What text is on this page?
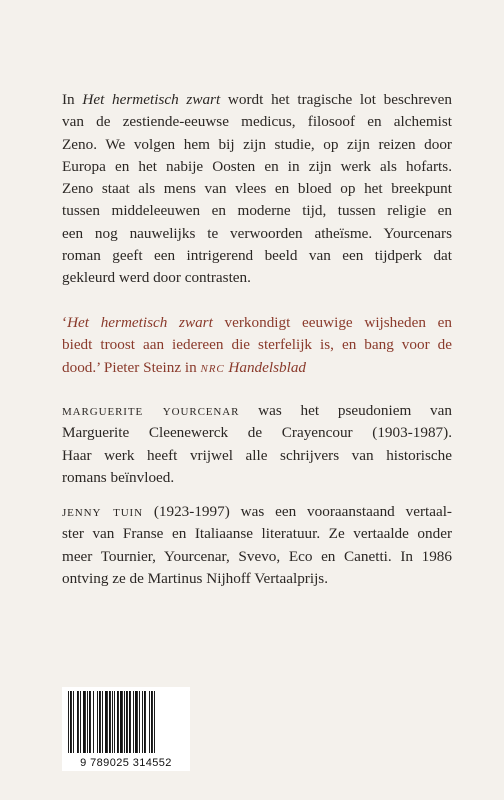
In Het hermetisch zwart wordt het tragische lot beschreven
van de zestiende-eeuwse medicus, filosoof en alchemist
Zeno. We volgen hem bij zijn studie, op zijn reizen door
Europa en het nabije Oosten en in zijn werk als hofarts.
Zeno staat als mens van vlees en bloed op het breekpunt
tussen middeleeuwen en moderne tijd, tussen religie en
een nog nauwelijks te verwoorden atheïsme. Yourcenars
roman geeft een intrigerend beeld van een tijdperk dat
gekleurd werd door contrasten.
‘Het hermetisch zwart verkondigt eeuwige wijsheden en
biedt troost aan iedereen die sterfelijk is, en bang voor de
dood.’ Pieter Steinz in nrc Handelsblad
marguerite yourcenar was het pseudoniem van
Marguerite Cleenewerck de Crayencour (1903-1987).
Haar werk heeft vrijwel alle schrijvers van historische
romans beïnvloed.
jenny tuin (1923-1997) was een vooraanstaand vertaal-
ster van Franse en Italiaanse literatuur. Ze vertaalde onder
meer Tournier, Yourcenar, Svevo, Eco en Canetti. In 1986
ontving ze de Martinus Nijhoff Vertaalprijs.
9 789025 314552
